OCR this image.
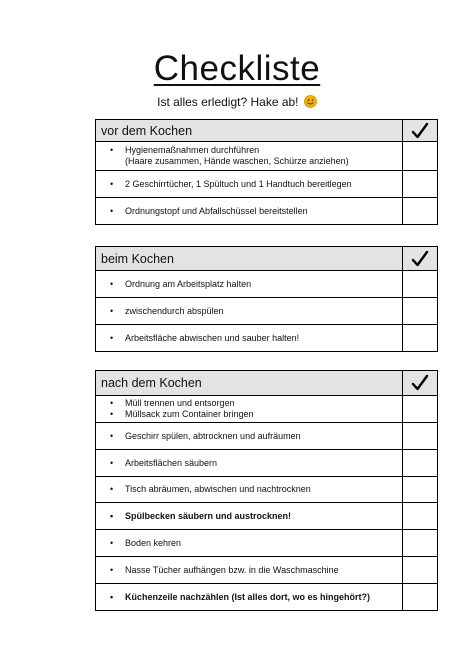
Checkliste
Ist alles erledigt? Hake ab!
vor dem Kochen	

• Hygienemaßnahmen durchführen
(Haare zusammen, Hände waschen, Schürze anziehen)	

• 2 Geschirrtücher, 1 Spültuch und 1 Handtuch bereitlegen	

• Ordnungstopf und Abfallschüssel bereitstellen	

beim Kochen	

• Ordnung am Arbeitsplatz halten	

• zwischendurch abspülen	

• Arbeitsfläche abwischen und sauber halten!	

nach dem Kochen	

• Müll trennen und entsorgen
• Müllsack zum Container bringen	

• Geschirr spülen, abtrocknen und aufräumen	

• Arbeitsflächen säubern	

• Tisch abräumen, abwischen und nachtrocknen	

• Spülbecken säubern und austrocknen!	

• Boden kehren	

• Nasse Tücher aufhängen bzw. in die Waschmaschine	

• Küchenzeile nachzählen (Ist alles dort, wo es hingehört?)	
